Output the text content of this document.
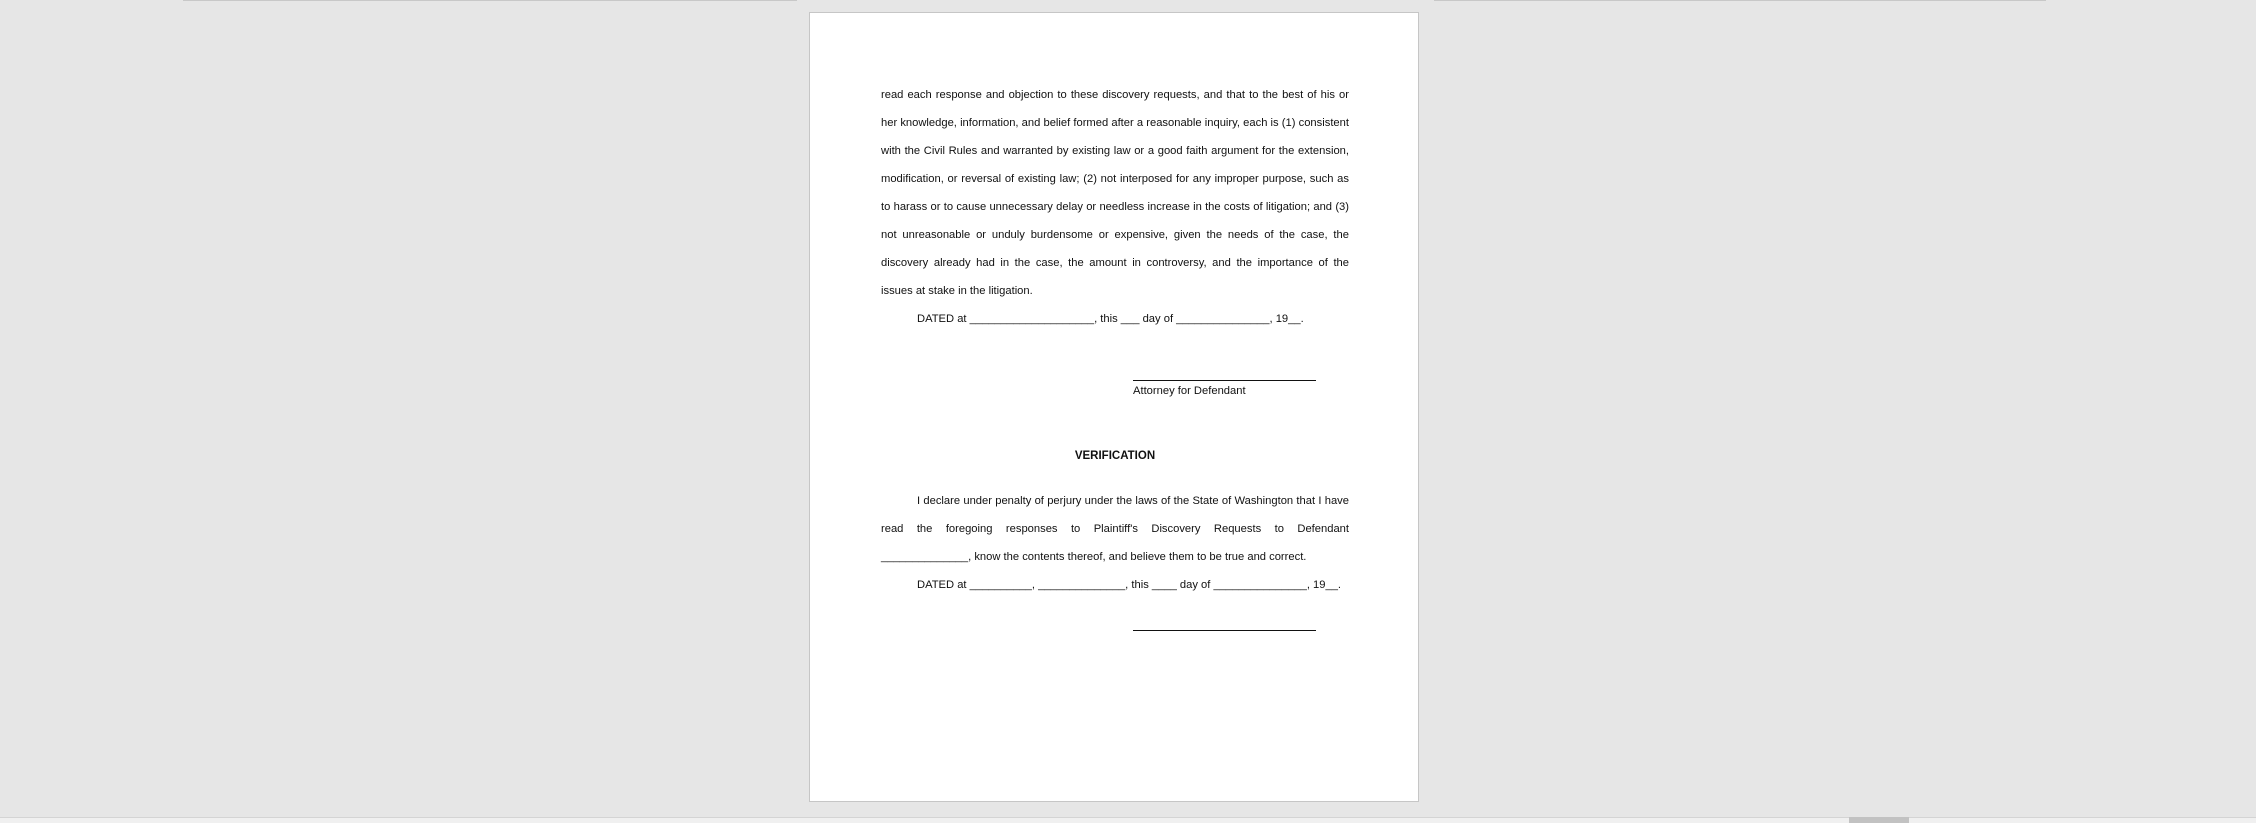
read each response and objection to these discovery requests, and that to the best of his or her knowledge, information, and belief formed after a reasonable inquiry, each is (1) consistent with the Civil Rules and warranted by existing law or a good faith argument for the extension, modification, or reversal of existing law; (2) not interposed for any improper purpose, such as to harass or to cause unnecessary delay or needless increase in the costs of litigation; and (3) not unreasonable or unduly burdensome or expensive, given the needs of the case, the discovery already had in the case, the amount in controversy, and the importance of the issues at stake in the litigation.

DATED at ____________________, this ___ day of _______________, 19__.

Attorney for Defendant
VERIFICATION

I declare under penalty of perjury under the laws of the State of Washington that I have read the foregoing responses to Plaintiff's Discovery Requests to Defendant ______________, know the contents thereof, and believe them to be true and correct.

DATED at __________, ______________, this ____ day of _______________, 19__.
